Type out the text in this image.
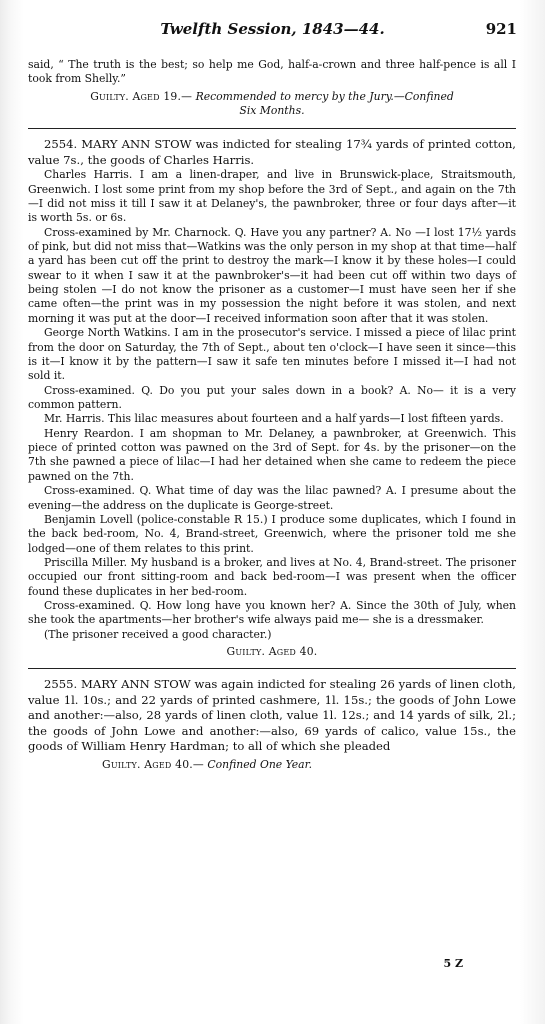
Twelfth Session, 1843—44.	921

said, “ The truth is the best; so help me God, half-a-crown and three half-pence is all I took from Shelly.”

Guilty. Aged 19.— Recommended to mercy by the Jury.—Confined
Six Months.

2554. MARY ANN STOW was indicted for stealing 17¾ yards of printed cotton, value 7s., the goods of Charles Harris.

Charles Harris. I am a linen-draper, and live in Brunswick-place, Straitsmouth, Greenwich. I lost some print from my shop before the 3rd of Sept., and again on the 7th—I did not miss it till I saw it at Delaney's, the pawnbroker, three or four days after—it is worth 5s. or 6s.

Cross-examined by Mr. Charnock. Q. Have you any partner? A. No —I lost 17½ yards of pink, but did not miss that—Watkins was the only person in my shop at that time—half a yard has been cut off the print to destroy the mark—I know it by these holes—I could swear to it when I saw it at the pawnbroker's—it had been cut off within two days of being stolen —I do not know the prisoner as a customer—I must have seen her if she came often—the print was in my possession the night before it was stolen, and next morning it was put at the door—I received information soon after that it was stolen.

George North Watkins. I am in the prosecutor's service. I missed a piece of lilac print from the door on Saturday, the 7th of Sept., about ten o'clock—I have seen it since—this is it—I know it by the pattern—I saw it safe ten minutes before I missed it—I had not sold it.

Cross-examined. Q. Do you put your sales down in a book? A. No— it is a very common pattern.

Mr. Harris. This lilac measures about fourteen and a half yards—I lost fifteen yards.

Henry Reardon. I am shopman to Mr. Delaney, a pawnbroker, at Greenwich. This piece of printed cotton was pawned on the 3rd of Sept. for 4s. by the prisoner—on the 7th she pawned a piece of lilac—I had her detained when she came to redeem the piece pawned on the 7th.

Cross-examined. Q. What time of day was the lilac pawned? A. I presume about the evening—the address on the duplicate is George-street.

Benjamin Lovell (police-constable R 15.) I produce some duplicates, which I found in the back bed-room, No. 4, Brand-street, Greenwich, where the prisoner told me she lodged—one of them relates to this print.

Priscilla Miller. My husband is a broker, and lives at No. 4, Brand-street. The prisoner occupied our front sitting-room and back bed-room—I was present when the officer found these duplicates in her bed-room.

Cross-examined. Q. How long have you known her? A. Since the 30th of July, when she took the apartments—her brother's wife always paid me— she is a dressmaker.

(The prisoner received a good character.)

Guilty. Aged 40.

2555. MARY ANN STOW was again indicted for stealing 26 yards of linen cloth, value 1l. 10s.; and 22 yards of printed cashmere, 1l. 15s.; the goods of John Lowe and another:—also, 28 yards of linen cloth, value 1l. 12s.; and 14 yards of silk, 2l.; the goods of John Lowe and another:—also, 69 yards of calico, value 15s., the goods of William Henry Hardman; to all of which she pleaded

Guilty. Aged 40.— Confined One Year.

5 Z
